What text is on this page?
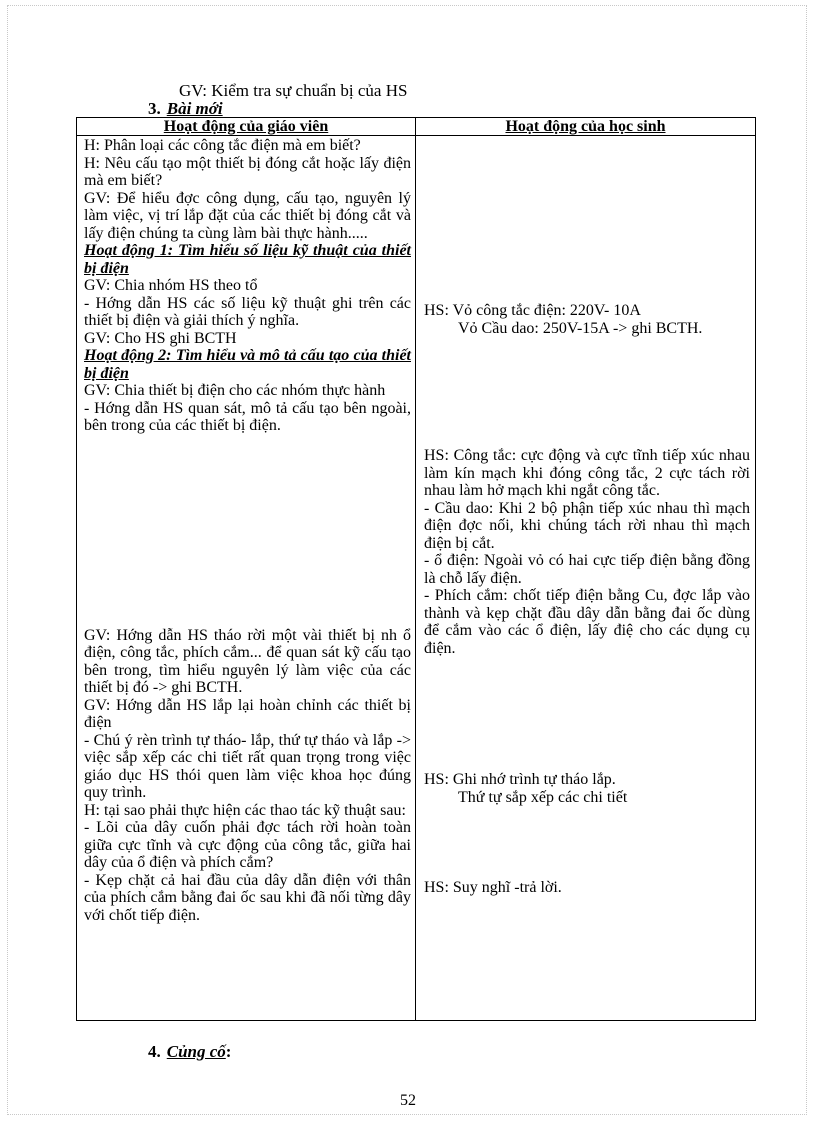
GV: Kiểm tra sự chuẩn bị của HS
3. Bài mới
Hoạt động của giáo viên	Hoạt động của học sinh

H: Phân loại các công tắc điện mà em biết?

H: Nêu cấu tạo một thiết bị đóng cắt hoặc lấy điện mà em biết?

GV: Để hiểu đợc công dụng, cấu tạo, nguyên lý làm việc, vị trí lắp đặt của các thiết bị đóng cắt và lấy điện chúng ta cùng làm bài thực hành.....

Hoạt động 1: Tìm hiểu số liệu kỹ thuật của thiết bị điện

GV: Chia nhóm HS theo tổ

- Hớng dẫn HS các số liệu kỹ thuật ghi trên các thiết bị điện và giải thích ý nghĩa.

GV: Cho HS ghi BCTH

Hoạt động 2: Tìm hiểu và mô tả cấu tạo của thiết bị điện

GV: Chia thiết bị điện cho các nhóm thực hành

- Hớng dẫn HS quan sát, mô tả cấu tạo bên ngoài, bên trong của các thiết bị điện.

GV: Hớng dẫn HS tháo rời một vài thiết bị nh ổ điện, công tắc, phích cắm... để quan sát kỹ cấu tạo bên trong, tìm hiểu nguyên lý làm việc của các thiết bị đó -> ghi BCTH.

GV: Hớng dẫn HS lắp lại hoàn chỉnh các thiết bị điện

- Chú ý rèn trình tự tháo- lắp, thứ tự tháo và lắp -> việc sắp xếp các chi tiết rất quan trọng trong việc giáo dục HS thói quen làm việc khoa học đúng quy trình.

H: tại sao phải thực hiện các thao tác kỹ thuật sau:

- Lõi của dây cuốn phải đợc tách rời hoàn toàn giữa cực tĩnh và cực động của công tắc, giữa hai dây của ổ điện và phích cắm?

- Kẹp chặt cả hai đầu của dây dẫn điện với thân của phích cắm bằng đai ốc sau khi đã nối từng dây với chốt tiếp điện.

HS: Vỏ công tắc điện: 220V- 10A

Vỏ Cầu dao: 250V-15A -> ghi BCTH.

HS: Công tắc: cực động và cực tĩnh tiếp xúc nhau làm kín mạch khi đóng công tắc, 2 cực tách rời nhau làm hở mạch khi ngắt công tắc.

- Cầu dao: Khi 2 bộ phận tiếp xúc nhau thì mạch điện đợc nối, khi chúng tách rời nhau thì mạch điện bị cắt.

- ổ điện: Ngoài vỏ có hai cực tiếp điện bằng đồng là chỗ lấy điện.

- Phích cắm: chốt tiếp điện bằng Cu, đợc lắp vào thành và kẹp chặt đầu dây dẫn bằng đai ốc dùng để cắm vào các ổ điện, lấy điệ cho các dụng cụ điện.

HS: Ghi nhớ trình tự tháo lắp.

Thứ tự sắp xếp các chi tiết

HS: Suy nghĩ -trả lời.

4. Củng cố:
52
